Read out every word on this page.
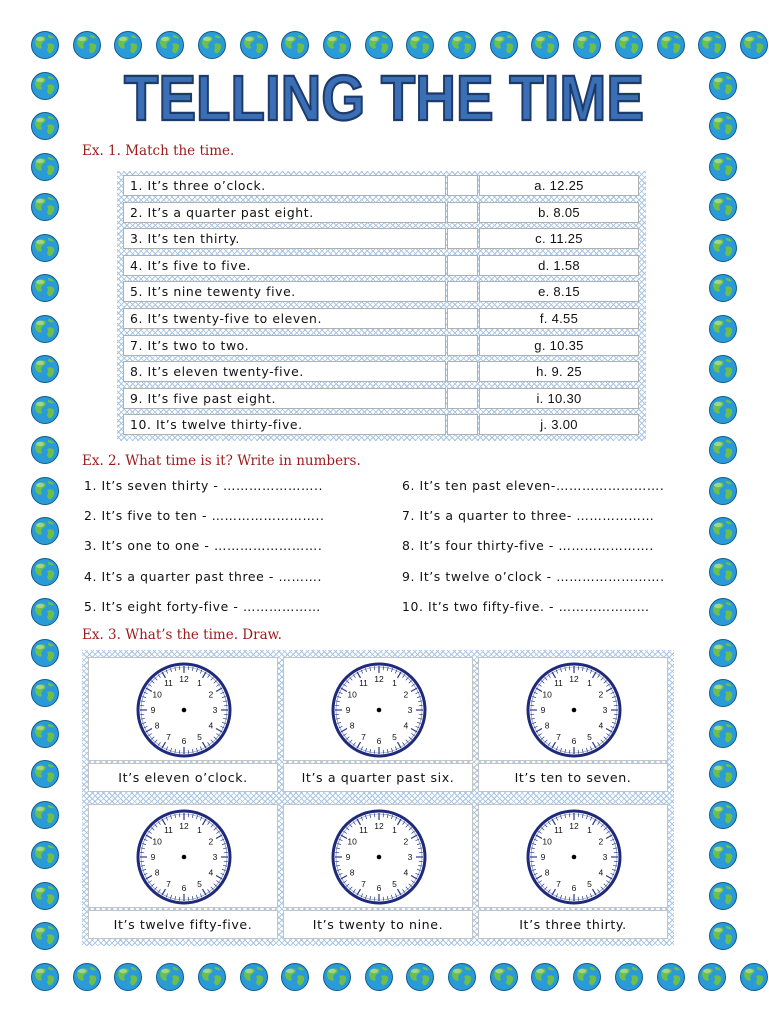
TELLING THE TIME
Ex. 1. Match the time.
1. It’s three o’clock.	a. 12.25
2. It’s a quarter past eight.	b. 8.05
3. It’s ten thirty.	c. 11.25
4. It’s five to five.	d. 1.58
5. It’s nine tewenty five.	e. 8.15
6. It’s twenty-five to eleven.	f. 4.55
7. It’s two to two.	g. 10.35
8. It’s eleven twenty-five.	h. 9. 25
9. It’s five past eight.	i. 10.30
10. It’s twelve thirty-five.	j. 3.00
Ex. 2. What time is it? Write in numbers.
1. It’s seven thirty - …………………..	6. It’s ten past eleven-…………………….
2. It’s five to ten - ……………………..	7. It’s a quarter to three- ………………
3. It’s one to one - …………………….	8. It’s four thirty-five - ………………….
4. It’s a quarter past three - ……….	9. It’s twelve o’clock - …………………….
5. It’s eight forty-five - ………………	10. It’s two fifty-five. - …………………
Ex. 3. What’s the time. Draw.
12 1
2
3
4
5
6
7
8
9
10
11
It’s eleven o’clock.
12 1
2
3
4
5
6
7
8
9
10
11
It’s a quarter past six.
12 1
2
3
4
5
6
7
8
9
10
11
It’s ten to seven.
12 1
2
3
4
5
6
7
8
9
10
11
It’s twelve fifty-five.
12 1
2
3
4
5
6
7
8
9
10
11
It’s twenty to nine.
12 1
2
3
4
5
6
7
8
9
10
11
It’s three thirty.
